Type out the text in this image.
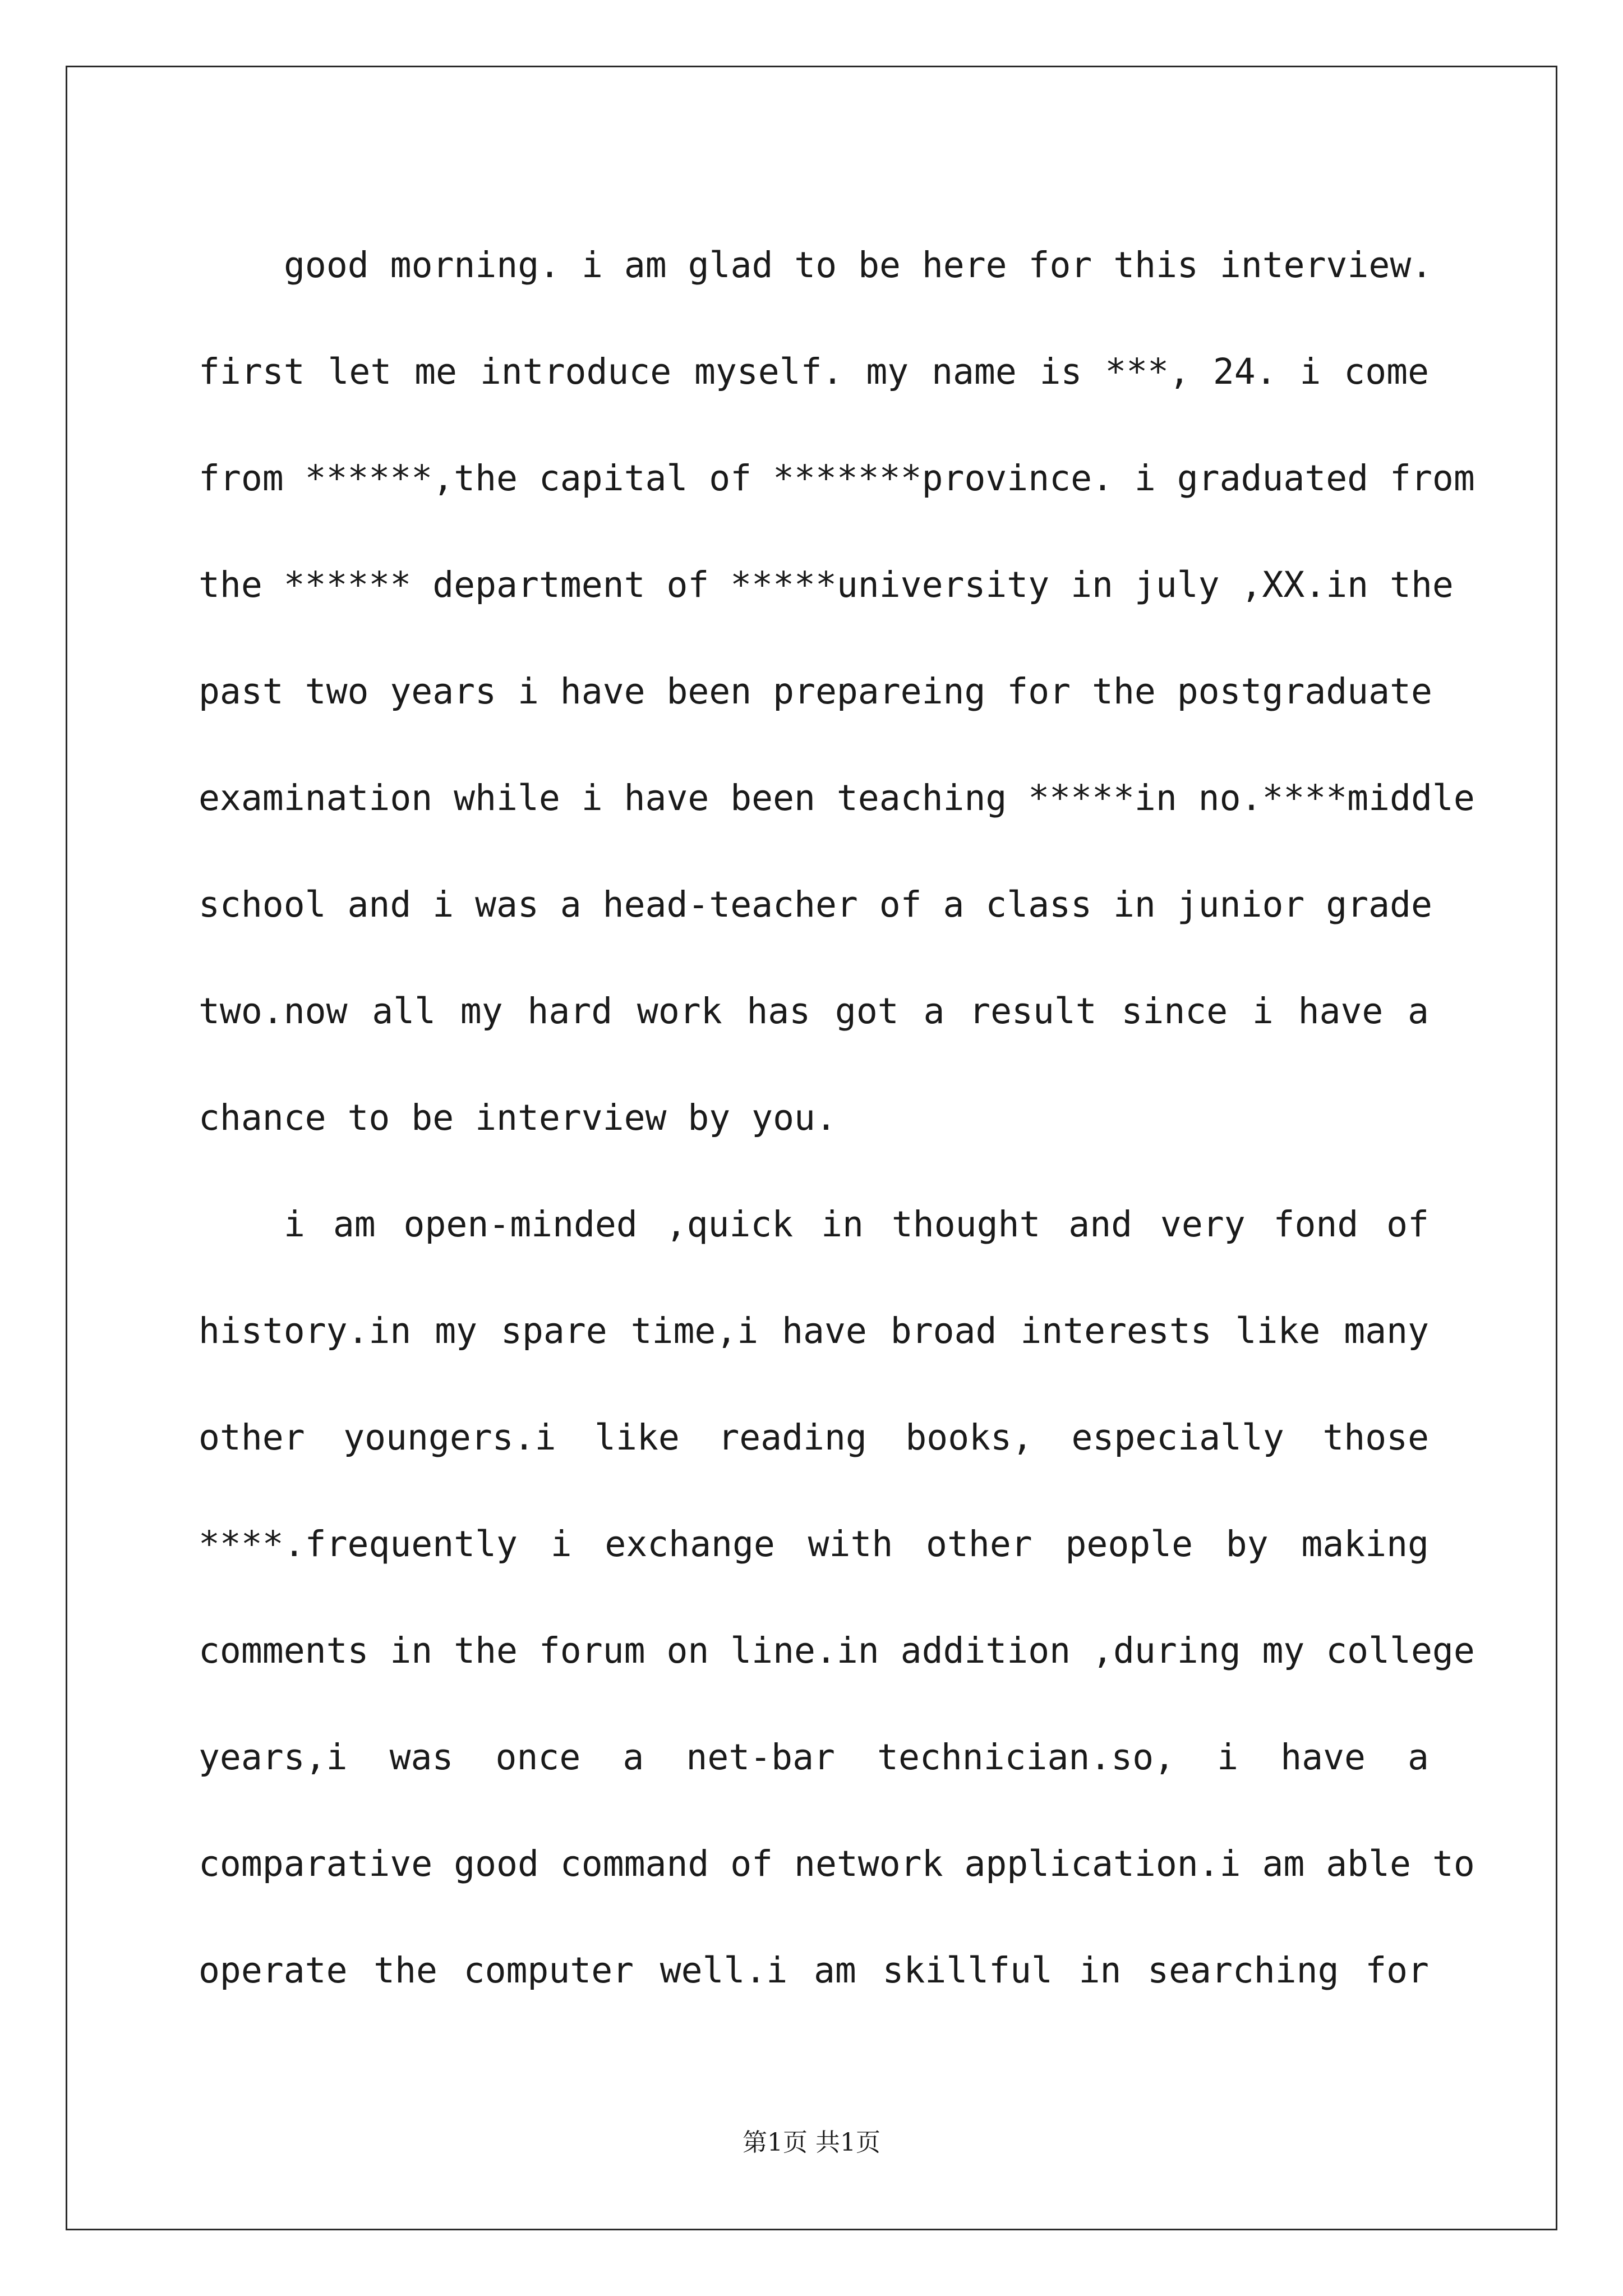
good morning. i am glad to be here for this interview.
first let me introduce myself. my name is ***, 24. i come
from ******,the capital of *******province. i graduated from
the ****** department of *****university in july ,XX.in the
past two years i have been prepareing for the postgraduate
examination while i have been teaching *****in no.****middle
school and i was a head-teacher of a class in junior grade
two.now all my hard work has got a result since i have a
chance to be interview by you.
i am open-minded ,quick in thought and very fond of
history.in my spare time,i have broad interests like many
other youngers.i like reading books, especially those
****.frequently i exchange with other people by making
comments in the forum on line.in addition ,during my college
years,i was once a net-bar technician.so, i have a
comparative good command of network application.i am able to
operate the computer well.i am skillful in searching for
第1页 共1页
